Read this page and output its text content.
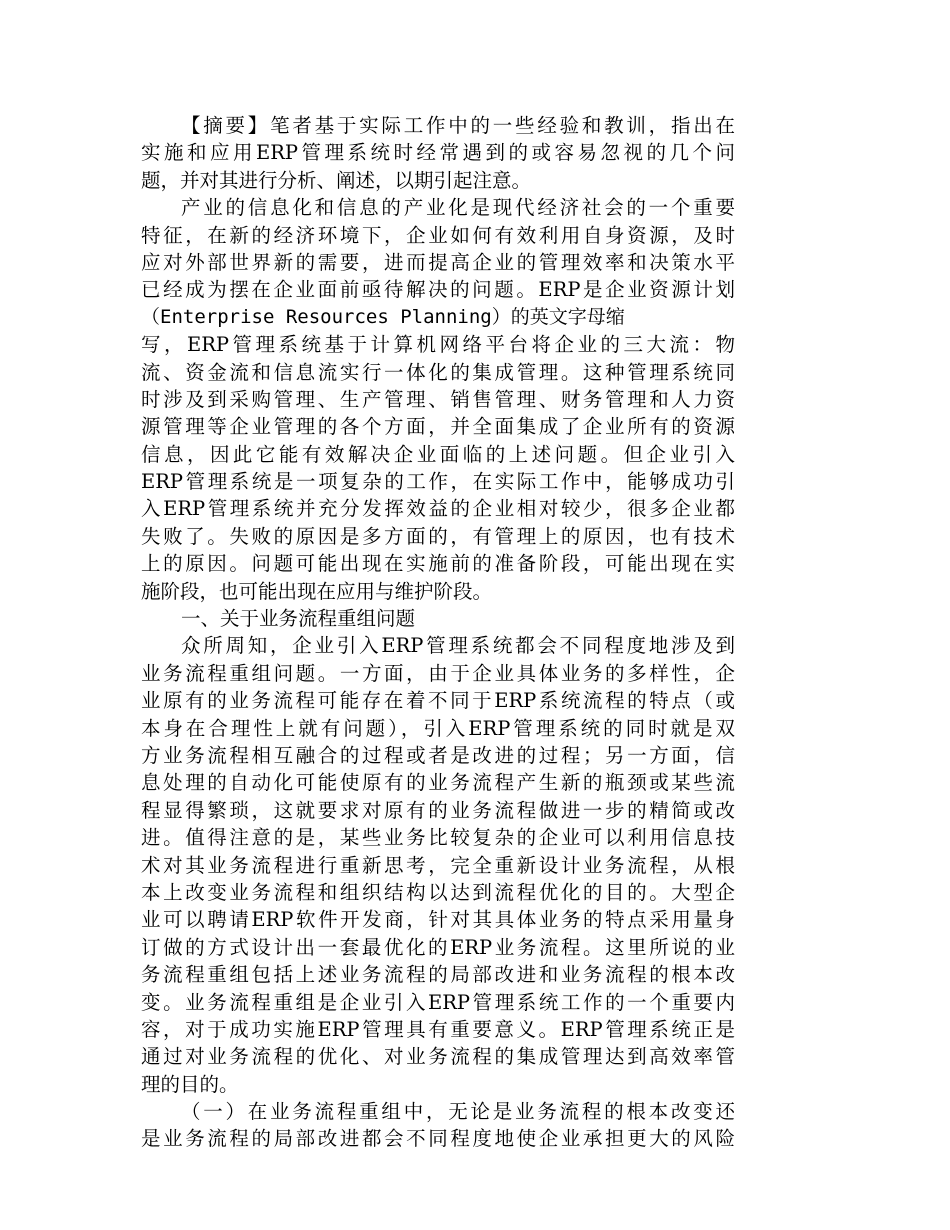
【摘要】笔者基于实际工作中的一些经验和教训，指出在
实施和应用ERP管理系统时经常遇到的或容易忽视的几个问
题，并对其进行分析、阐述，以期引起注意。
产业的信息化和信息的产业化是现代经济社会的一个重要
特征，在新的经济环境下，企业如何有效利用自身资源，及时
应对外部世界新的需要，进而提高企业的管理效率和决策水平
已经成为摆在企业面前亟待解决的问题。ERP是企业资源计划
（Enterprise Resources Planning）的英文字母缩
写，ERP管理系统基于计算机网络平台将企业的三大流：物
流、资金流和信息流实行一体化的集成管理。这种管理系统同
时涉及到采购管理、生产管理、销售管理、财务管理和人力资
源管理等企业管理的各个方面，并全面集成了企业所有的资源
信息，因此它能有效解决企业面临的上述问题。但企业引入
ERP管理系统是一项复杂的工作，在实际工作中，能够成功引
入ERP管理系统并充分发挥效益的企业相对较少，很多企业都
失败了。失败的原因是多方面的，有管理上的原因，也有技术
上的原因。问题可能出现在实施前的准备阶段，可能出现在实
施阶段，也可能出现在应用与维护阶段。
一、关于业务流程重组问题
众所周知，企业引入ERP管理系统都会不同程度地涉及到
业务流程重组问题。一方面，由于企业具体业务的多样性，企
业原有的业务流程可能存在着不同于ERP系统流程的特点（或
本身在合理性上就有问题），引入ERP管理系统的同时就是双
方业务流程相互融合的过程或者是改进的过程；另一方面，信
息处理的自动化可能使原有的业务流程产生新的瓶颈或某些流
程显得繁琐，这就要求对原有的业务流程做进一步的精简或改
进。值得注意的是，某些业务比较复杂的企业可以利用信息技
术对其业务流程进行重新思考，完全重新设计业务流程，从根
本上改变业务流程和组织结构以达到流程优化的目的。大型企
业可以聘请ERP软件开发商，针对其具体业务的特点采用量身
订做的方式设计出一套最优化的ERP业务流程。这里所说的业
务流程重组包括上述业务流程的局部改进和业务流程的根本改
变。业务流程重组是企业引入ERP管理系统工作的一个重要内
容，对于成功实施ERP管理具有重要意义。ERP管理系统正是
通过对业务流程的优化、对业务流程的集成管理达到高效率管
理的目的。
（一）在业务流程重组中，无论是业务流程的根本改变还
是业务流程的局部改进都会不同程度地使企业承担更大的风险
